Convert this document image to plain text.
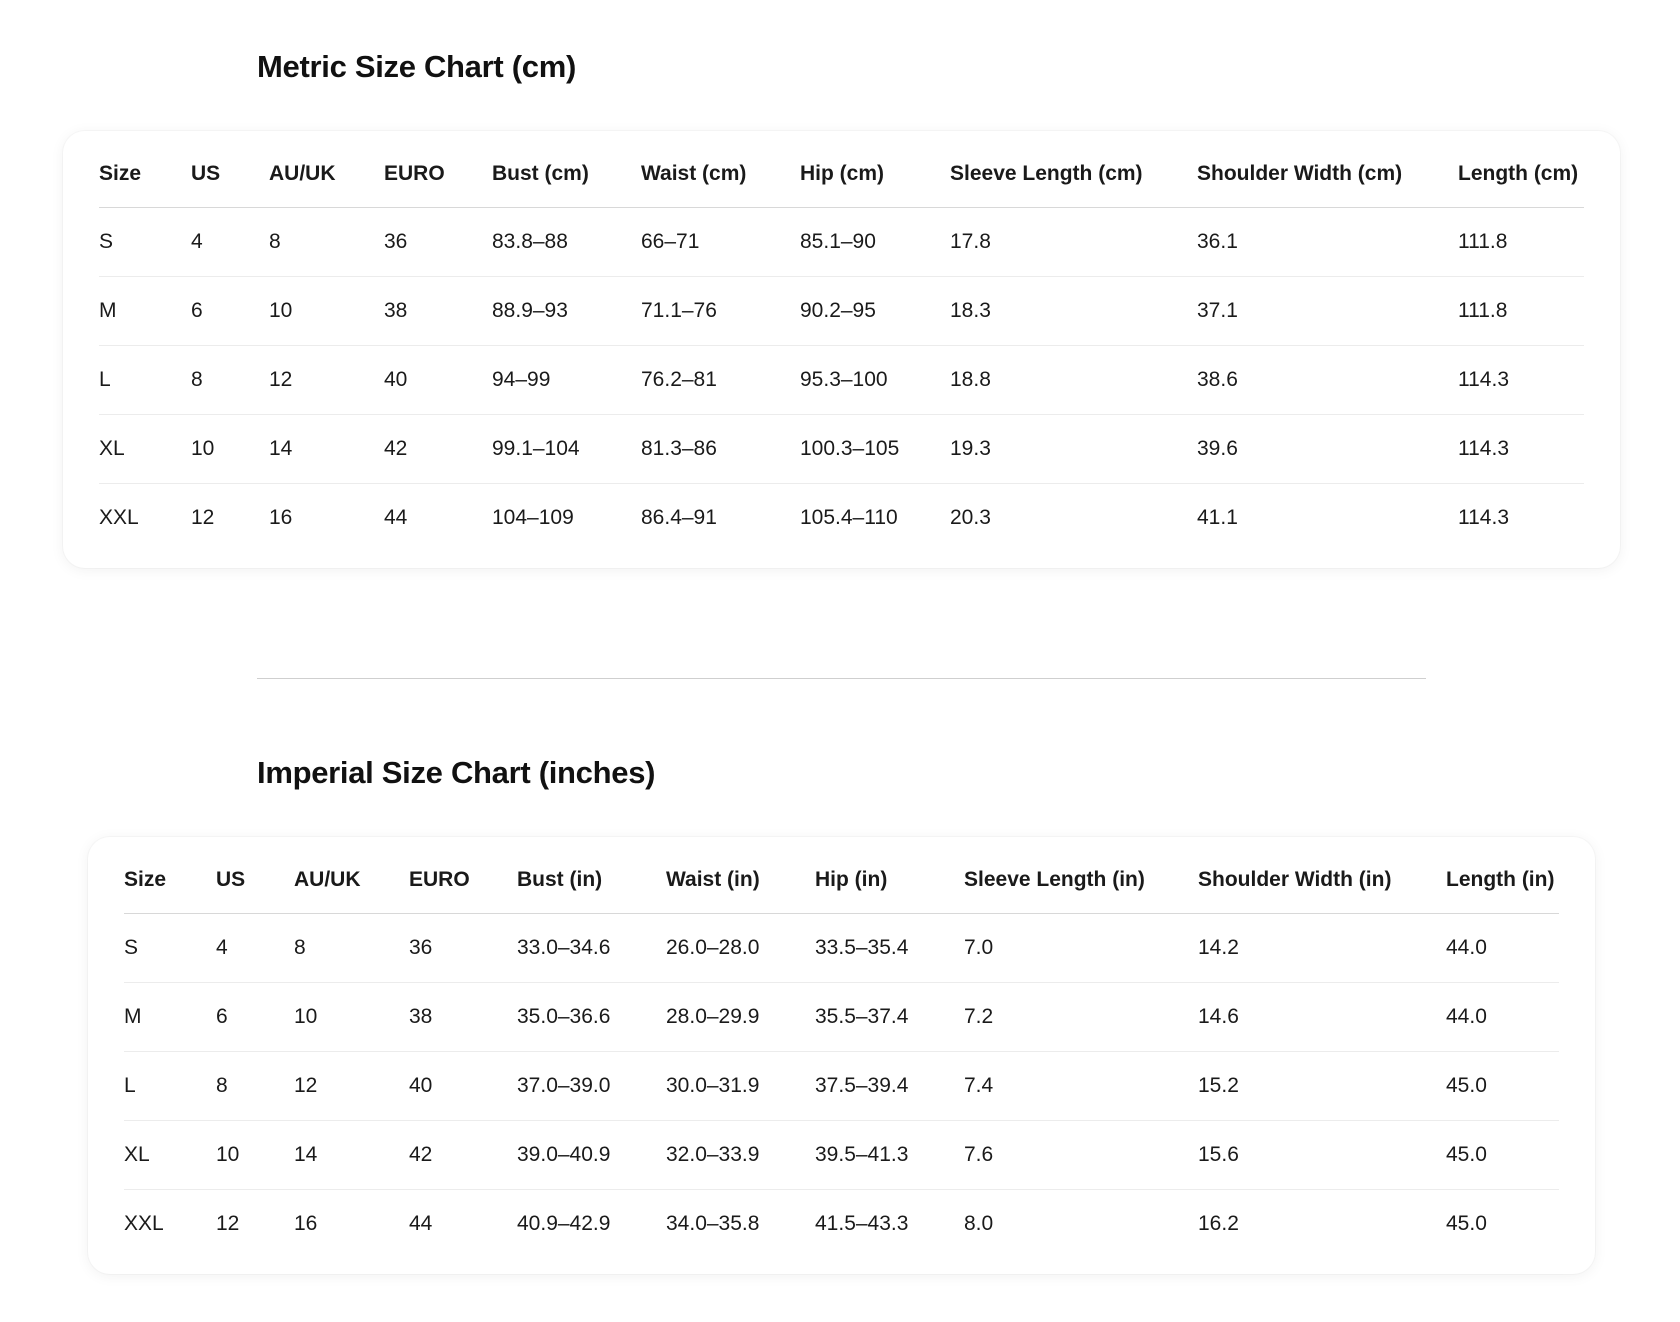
Metric Size Chart (cm)
Size	US	AU/UK	EURO	Bust (cm)	Waist (cm)	Hip (cm)	Sleeve Length (cm)	Shoulder Width (cm)	Length (cm)
S	4	8	36	83.8–88	66–71	85.1–90	17.8	36.1	111.8
M	6	10	38	88.9–93	71.1–76	90.2–95	18.3	37.1	111.8
L	8	12	40	94–99	76.2–81	95.3–100	18.8	38.6	114.3
XL	10	14	42	99.1–104	81.3–86	100.3–105	19.3	39.6	114.3
XXL	12	16	44	104–109	86.4–91	105.4–110	20.3	41.1	114.3
Imperial Size Chart (inches)
Size	US	AU/UK	EURO	Bust (in)	Waist (in)	Hip (in)	Sleeve Length (in)	Shoulder Width (in)	Length (in)
S	4	8	36	33.0–34.6	26.0–28.0	33.5–35.4	7.0	14.2	44.0
M	6	10	38	35.0–36.6	28.0–29.9	35.5–37.4	7.2	14.6	44.0
L	8	12	40	37.0–39.0	30.0–31.9	37.5–39.4	7.4	15.2	45.0
XL	10	14	42	39.0–40.9	32.0–33.9	39.5–41.3	7.6	15.6	45.0
XXL	12	16	44	40.9–42.9	34.0–35.8	41.5–43.3	8.0	16.2	45.0
